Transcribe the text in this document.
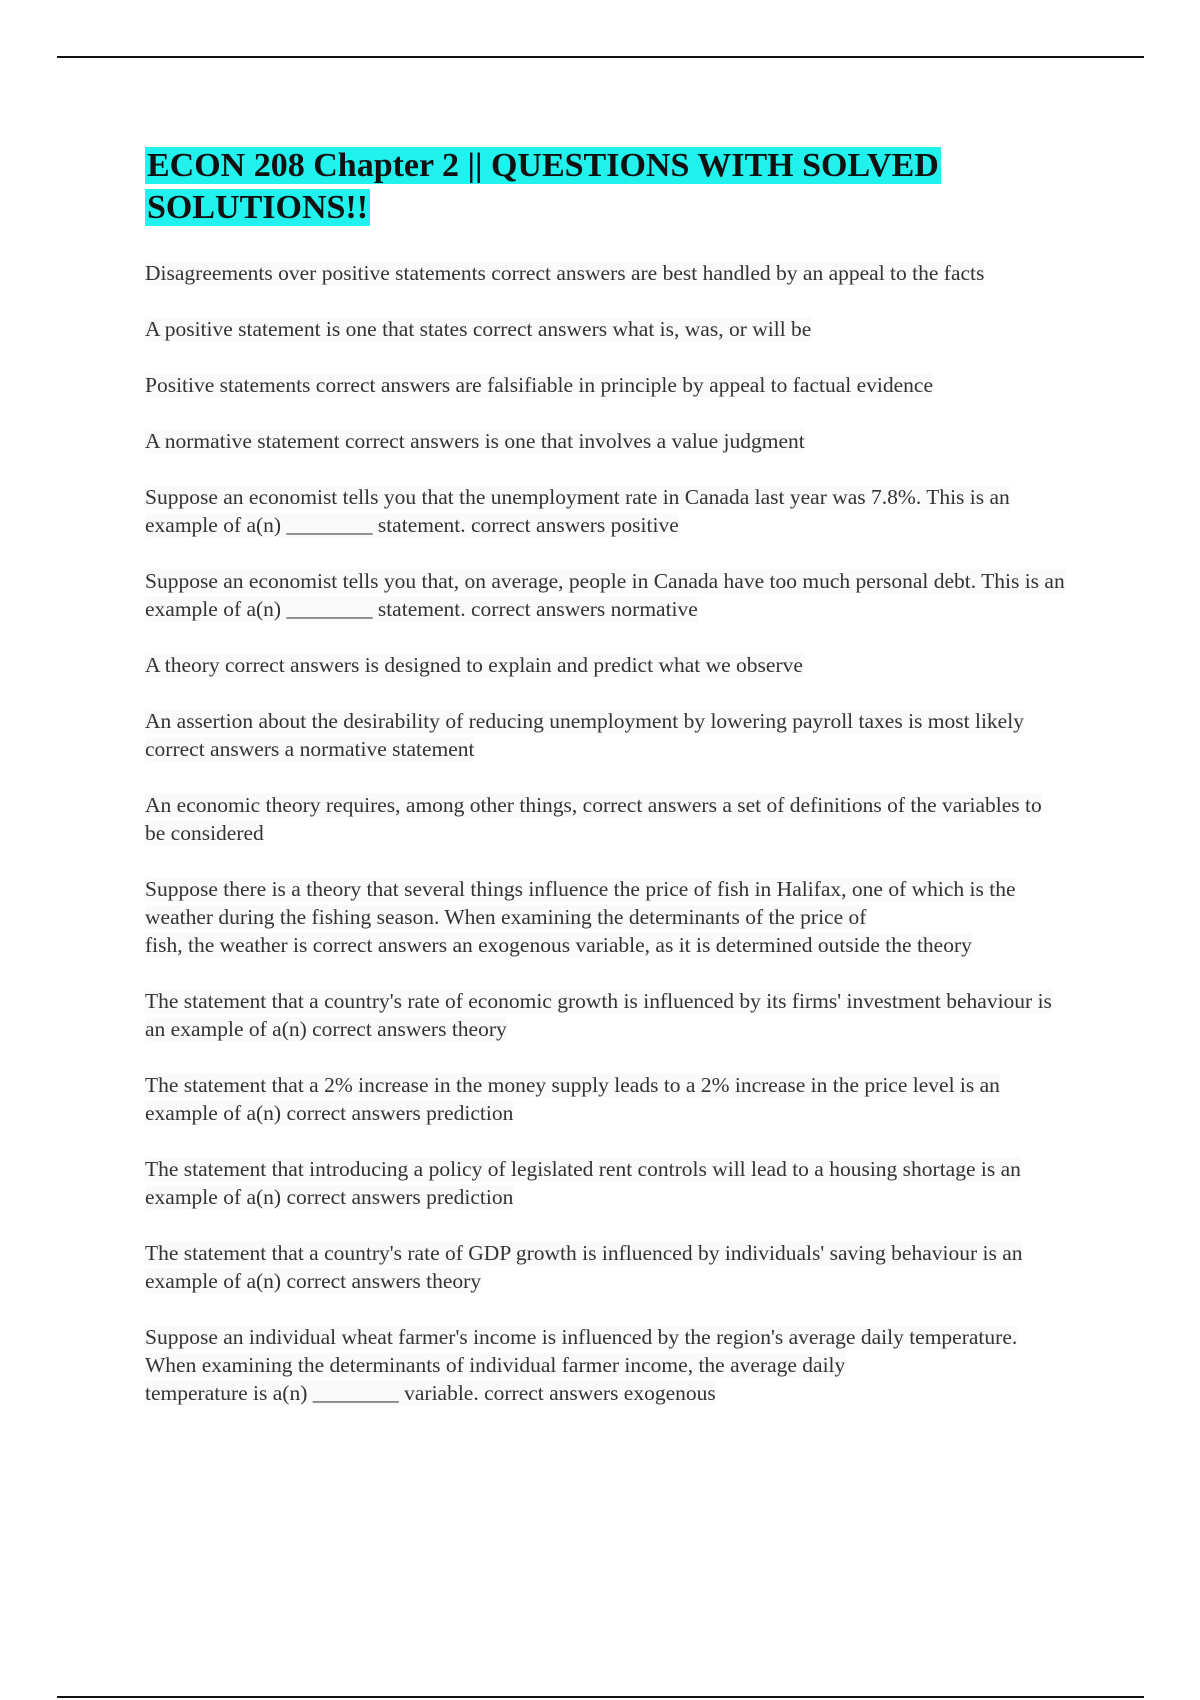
ECON 208 Chapter 2 || QUESTIONS WITH SOLVED SOLUTIONS!!

Disagreements over positive statements correct answers are best handled by an appeal to the facts

A positive statement is one that states correct answers what is, was, or will be

Positive statements correct answers are falsifiable in principle by appeal to factual evidence

A normative statement correct answers is one that involves a value judgment

Suppose an economist tells you that the unemployment rate in Canada last year was 7.8%. This is an example of a(n) ________ statement. correct answers positive

Suppose an economist tells you that, on average, people in Canada have too much personal debt. This is an example of a(n) ________ statement. correct answers normative

A theory correct answers is designed to explain and predict what we observe

An assertion about the desirability of reducing unemployment by lowering payroll taxes is most likely correct answers a normative statement

An economic theory requires, among other things, correct answers a set of definitions of the variables to be considered

Suppose there is a theory that several things influence the price of fish in Halifax, one of which is the weather during the fishing season. When examining the determinants of the price of
fish, the weather is correct answers an exogenous variable, as it is determined outside the theory

The statement that a country's rate of economic growth is influenced by its firms' investment behaviour is an example of a(n) correct answers theory

The statement that a 2% increase in the money supply leads to a 2% increase in the price level is an example of a(n) correct answers prediction

The statement that introducing a policy of legislated rent controls will lead to a housing shortage is an example of a(n) correct answers prediction

The statement that a country's rate of GDP growth is influenced by individuals' saving behaviour is an example of a(n) correct answers theory

Suppose an individual wheat farmer's income is influenced by the region's average daily temperature. When examining the determinants of individual farmer income, the average daily
temperature is a(n) ________ variable. correct answers exogenous
